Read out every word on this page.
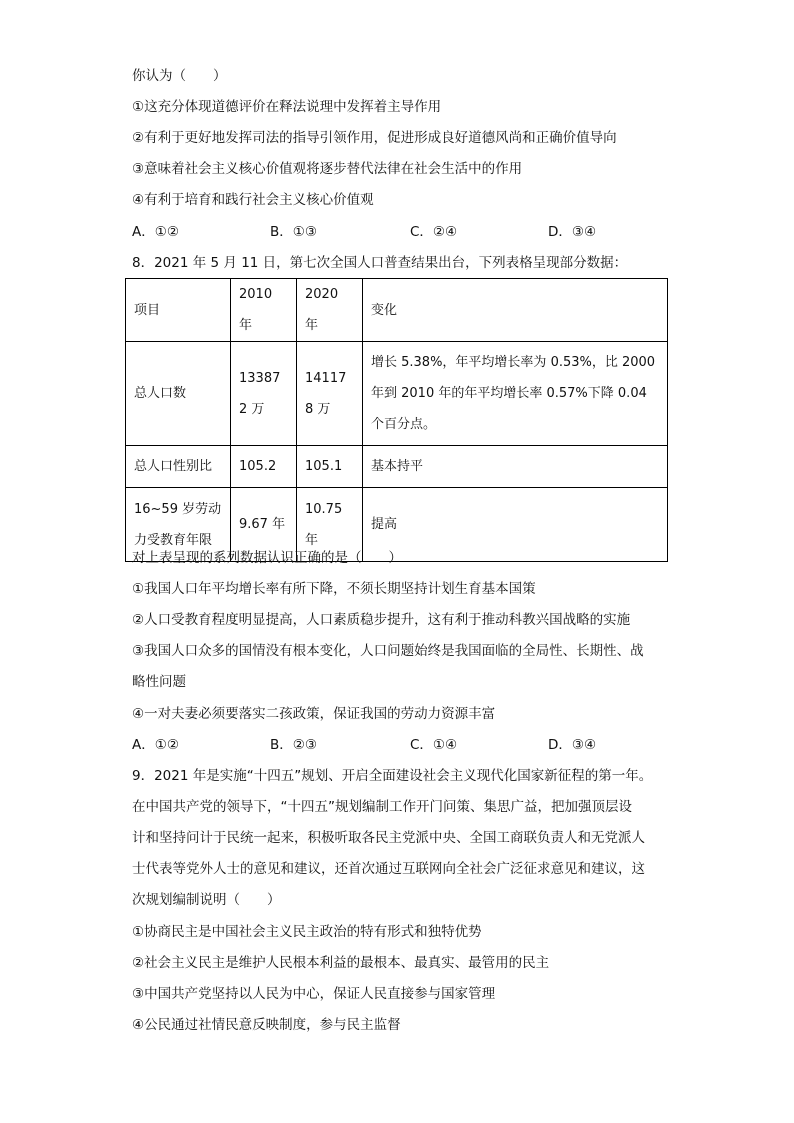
你认为（　　）
①这充分体现道德评价在释法说理中发挥着主导作用
②有利于更好地发挥司法的指导引领作用，促进形成良好道德风尚和正确价值导向
③意味着社会主义核心价值观将逐步替代法律在社会生活中的作用
④有利于培育和践行社会主义核心价值观
A．①②	B．①③	C．②④	D．③④
8．2021 年 5 月 11 日，第七次全国人口普查结果出台，下列表格呈现部分数据：
项目	2010 年	2020 年	变化
总人口数	133872 万	141178 万	增长 5.38%，年平均增长率为 0.53%，比 2000 年到 2010 年的年平均增长率 0.57%下降 0.04 个百分点。
总人口性别比	105.2	105.1	基本持平
16~59 岁劳动力受教育年限	9.67 年	10.75 年	提高
对上表呈现的系列数据认识正确的是（　　）
①我国人口年平均增长率有所下降，不须长期坚持计划生育基本国策
②人口受教育程度明显提高，人口素质稳步提升，这有利于推动科教兴国战略的实施
③我国人口众多的国情没有根本变化，人口问题始终是我国面临的全局性、长期性、战
略性问题
④一对夫妻必须要落实二孩政策，保证我国的劳动力资源丰富
A．①②	B．②③	C．①④	D．③④
9．2021 年是实施“十四五”规划、开启全面建设社会主义现代化国家新征程的第一年。
在中国共产党的领导下，“十四五”规划编制工作开门问策、集思广益，把加强顶层设
计和坚持问计于民统一起来，积极听取各民主党派中央、全国工商联负责人和无党派人
士代表等党外人士的意见和建议，还首次通过互联网向全社会广泛征求意见和建议，这
次规划编制说明（　　）
①协商民主是中国社会主义民主政治的特有形式和独特优势
②社会主义民主是维护人民根本利益的最根本、最真实、最管用的民主
③中国共产党坚持以人民为中心，保证人民直接参与国家管理
④公民通过社情民意反映制度，参与民主监督
